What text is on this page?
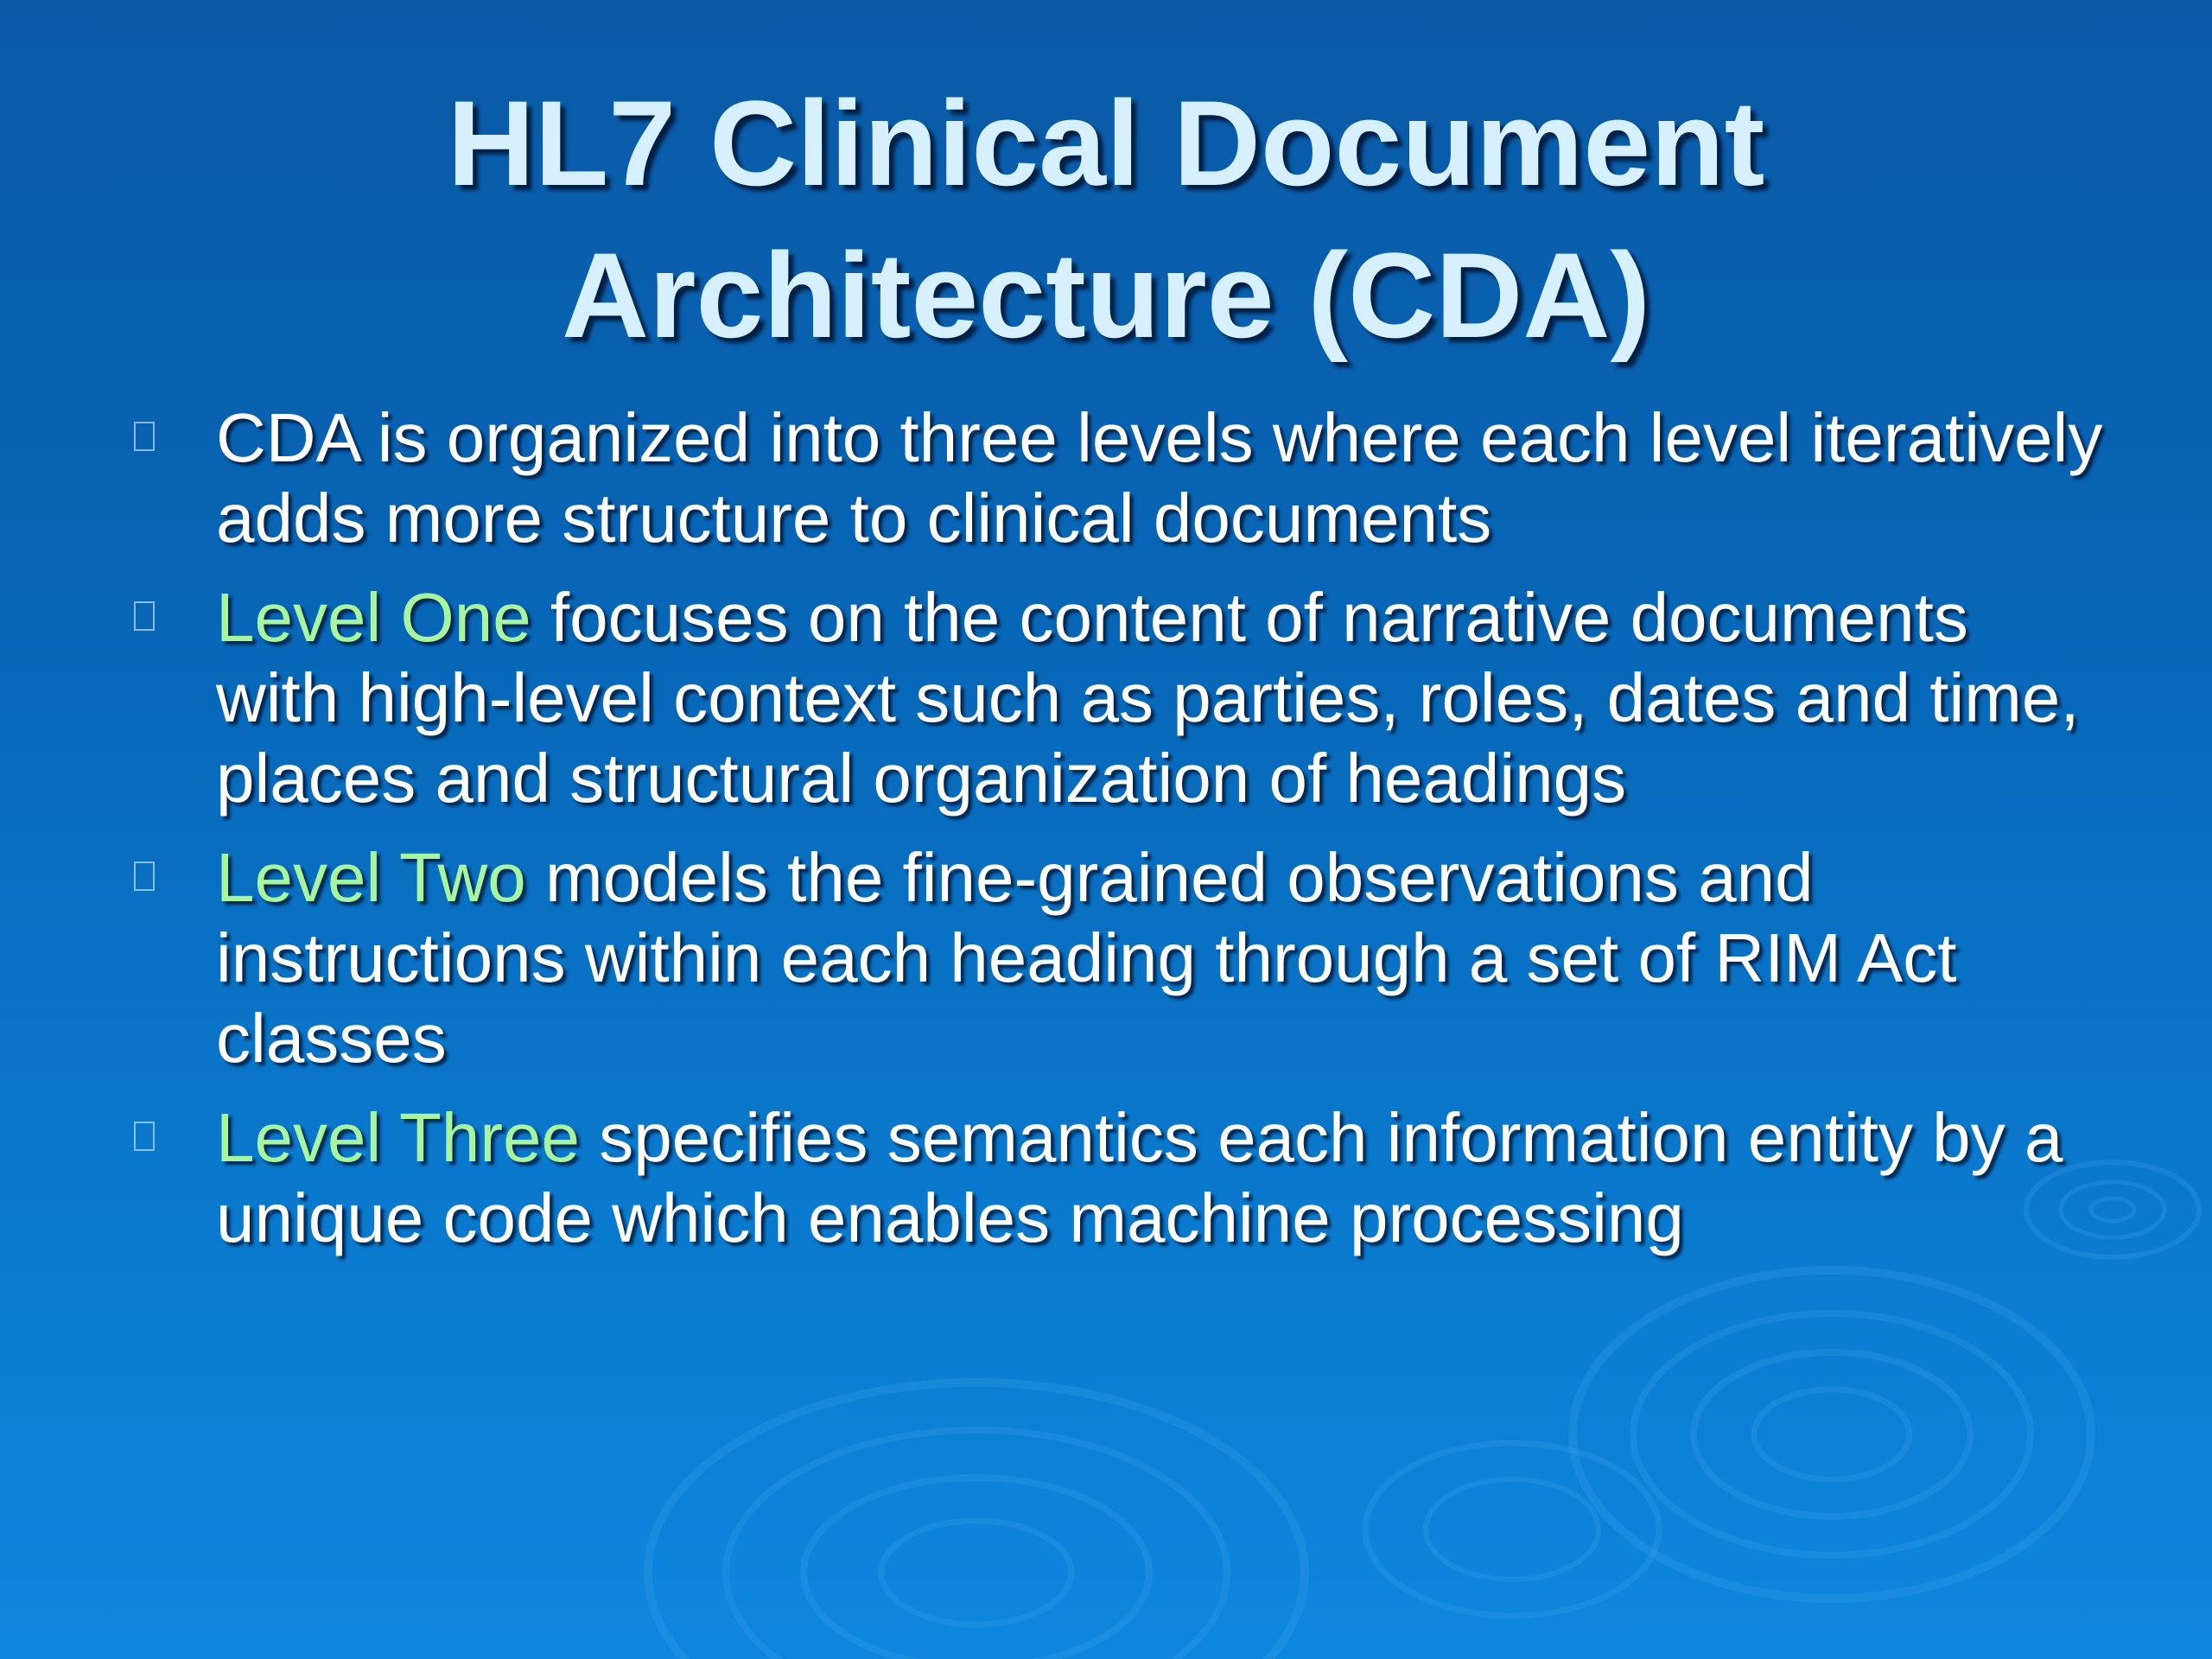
HL7 Clinical Document
Architecture (CDA)
CDA is organized into three levels where each level iteratively adds more structure to clinical documents
Level One focuses on the content of narrative documents with high-level context such as parties, roles, dates and time, places and structural organization of headings
Level Two models the fine-grained observations and instructions within each heading through a set of RIM Act classes
Level Three specifies semantics each information entity by a unique code which enables machine processing
